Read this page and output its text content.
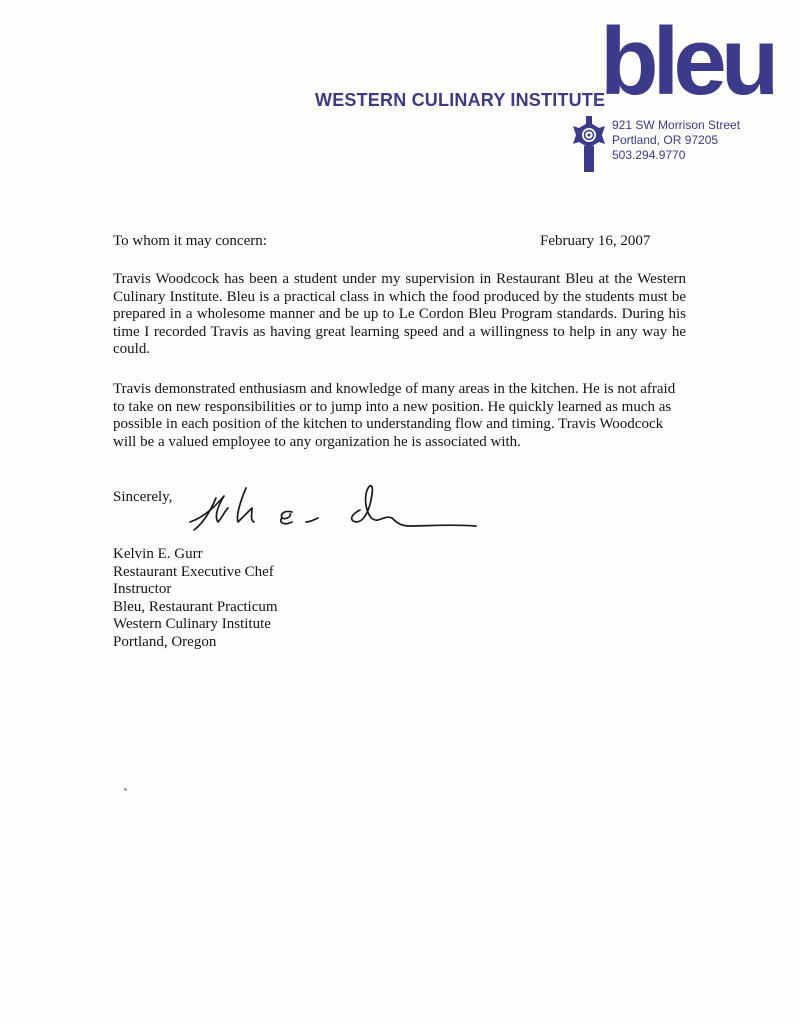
WESTERN CULINARY INSTITUTE
bleu
921 SW Morrison Street
Portland, OR 97205
503.294.9770
To whom it may concern:	February 16, 2007

Travis Woodcock has been a student under my supervision in Restaurant Bleu at the Western Culinary Institute. Bleu is a practical class in which the food produced by the students must be prepared in a wholesome manner and be up to Le Cordon Bleu Program standards. During his time I recorded Travis as having great learning speed and a willingness to help in any way he could.

Travis demonstrated enthusiasm and knowledge of many areas in the kitchen. He is not afraid to take on new responsibilities or to jump into a new position. He quickly learned as much as possible in each position of the kitchen to understanding flow and timing. Travis Woodcock will be a valued employee to any organization he is associated with.

Sincerely,
Kelvin E. Gurr
Restaurant Executive Chef
Instructor
Bleu, Restaurant Practicum
Western Culinary Institute
Portland, Oregon
